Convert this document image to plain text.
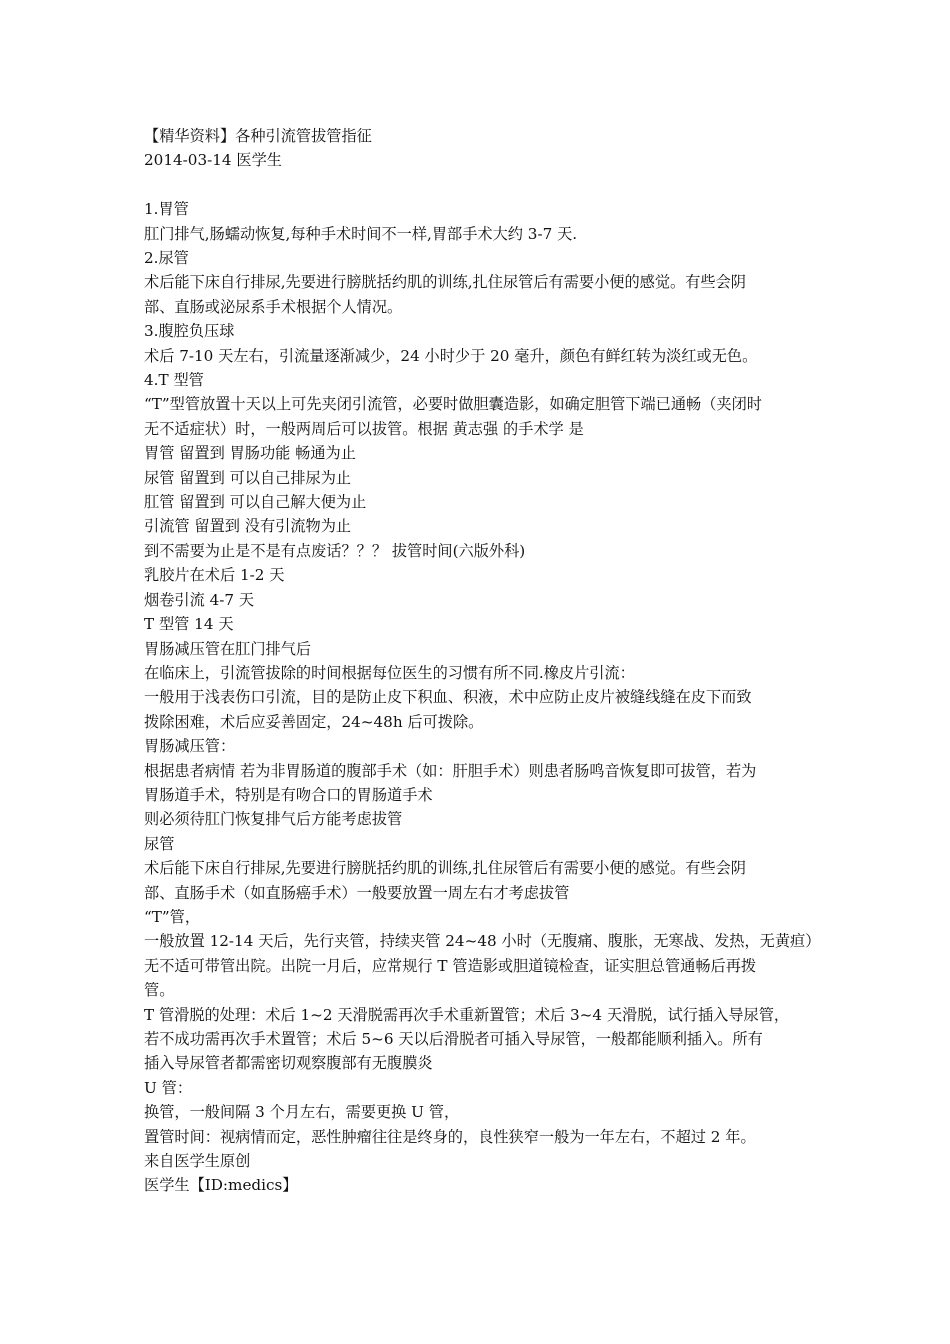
【精华资料】各种引流管拔管指征
2014-03-14 医学生
1.胃管
肛门排气,肠蠕动恢复,每种手术时间不一样,胃部手术大约 3-7 天.
2.尿管
术后能下床自行排尿,先要进行膀胱括约肌的训练,扎住尿管后有需要小便的感觉。有些会阴
部、直肠或泌尿系手术根据个人情况。
3.腹腔负压球
术后 7-10 天左右，引流量逐渐减少，24 小时少于 20 毫升，颜色有鲜红转为淡红或无色。
4.T 型管
“T”型管放置十天以上可先夹闭引流管，必要时做胆囊造影，如确定胆管下端已通畅（夹闭时
无不适症状）时，一般两周后可以拔管。根据 黄志强 的手术学 是
胃管 留置到 胃肠功能 畅通为止
尿管 留置到 可以自己排尿为止
肛管 留置到 可以自己解大便为止
引流管 留置到 没有引流物为止
到不需要为止是不是有点废话？？？ 拔管时间(六版外科)
乳胶片在术后 1-2 天
烟卷引流 4-7 天
T 型管 14 天
胃肠减压管在肛门排气后
在临床上，引流管拔除的时间根据每位医生的习惯有所不同.橡皮片引流：
一般用于浅表伤口引流，目的是防止皮下积血、积液，术中应防止皮片被缝线缝在皮下而致
拨除困难，术后应妥善固定，24~48h 后可拨除。
胃肠减压管：
根据患者病情 若为非胃肠道的腹部手术（如：肝胆手术）则患者肠鸣音恢复即可拔管，若为
胃肠道手术，特别是有吻合口的胃肠道手术
则必须待肛门恢复排气后方能考虑拔管
尿管
术后能下床自行排尿,先要进行膀胱括约肌的训练,扎住尿管后有需要小便的感觉。有些会阴
部、直肠手术（如直肠癌手术）一般要放置一周左右才考虑拔管
“T”管，
一般放置 12-14 天后，先行夹管，持续夹管 24~48 小时（无腹痛、腹胀，无寒战、发热，无黄疸）
无不适可带管出院。出院一月后，应常规行 T 管造影或胆道镜检查，证实胆总管通畅后再拨
管。
T 管滑脱的处理：术后 1~2 天滑脱需再次手术重新置管；术后 3~4 天滑脱，试行插入导尿管，
若不成功需再次手术置管；术后 5~6 天以后滑脱者可插入导尿管，一般都能顺利插入。所有
插入导尿管者都需密切观察腹部有无腹膜炎
U 管：
换管，一般间隔 3 个月左右，需要更换 U 管，
置管时间：视病情而定，恶性肿瘤往往是终身的，良性狭窄一般为一年左右，不超过 2 年。
来自医学生原创
医学生【ID:medics】
